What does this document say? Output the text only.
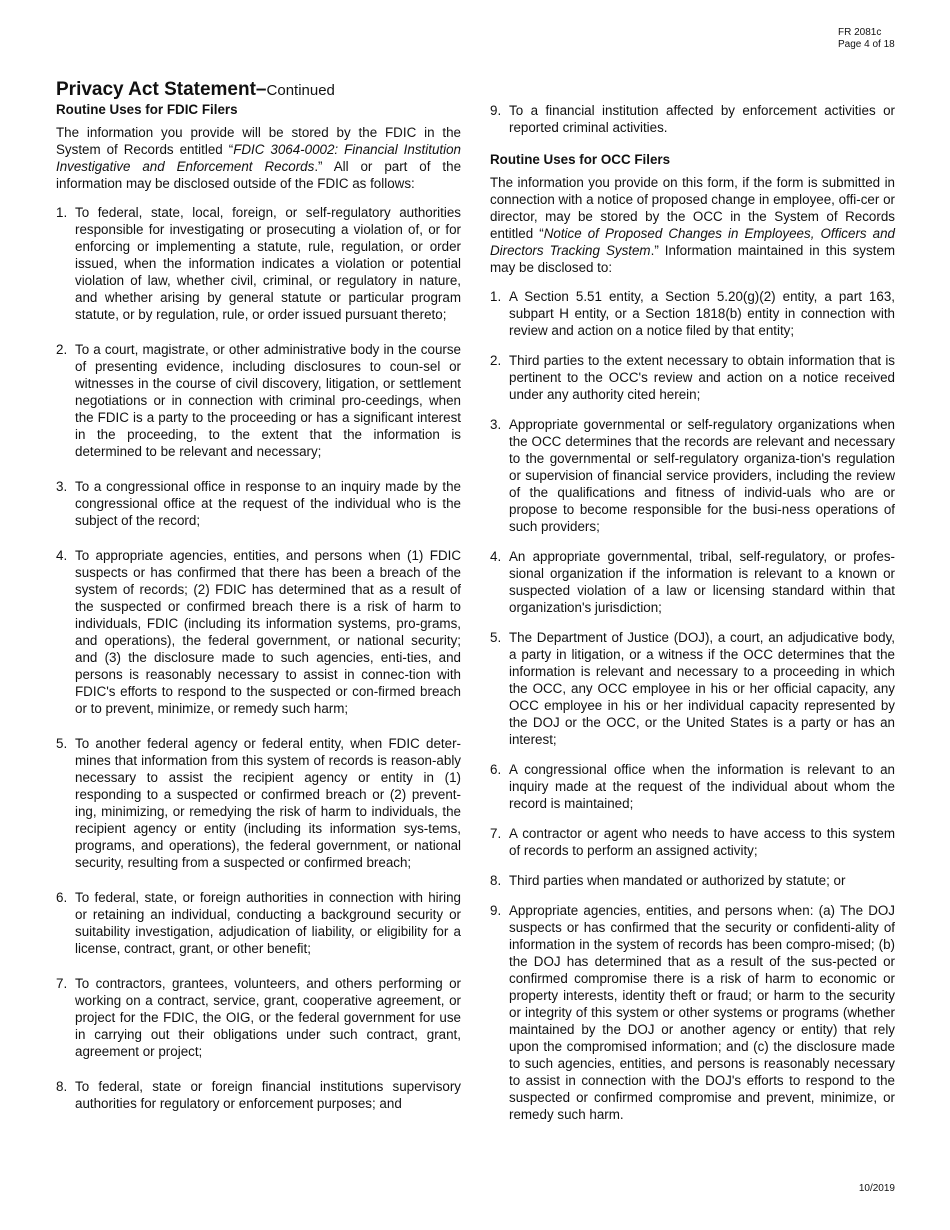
FR 2081c
Page 4 of 18
Privacy Act Statement–Continued
Routine Uses for FDIC Filers

The information you provide will be stored by the FDIC in the System of Records entitled “FDIC 3064-0002: Financial Institution Investigative and Enforcement Records.” All or part of the information may be disclosed outside of the FDIC as follows:

1. To federal, state, local, foreign, or self-regulatory authorities responsible for investigating or prosecuting a violation of, or for enforcing or implementing a statute, rule, regulation, or order issued, when the information indicates a violation or potential violation of law, whether civil, criminal, or regulatory in nature, and whether arising by general statute or particular program statute, or by regulation, rule, or order issued pursuant thereto;
2. To a court, magistrate, or other administrative body in the course of presenting evidence, including disclosures to coun-sel or witnesses in the course of civil discovery, litigation, or settlement negotiations or in connection with criminal pro-ceedings, when the FDIC is a party to the proceeding or has a significant interest in the proceeding, to the extent that the information is determined to be relevant and necessary;
3. To a congressional office in response to an inquiry made by the congressional office at the request of the individual who is the subject of the record;
4. To appropriate agencies, entities, and persons when (1) FDIC suspects or has confirmed that there has been a breach of the system of records; (2) FDIC has determined that as a result of the suspected or confirmed breach there is a risk of harm to individuals, FDIC (including its information systems, pro-grams, and operations), the federal government, or national security; and (3) the disclosure made to such agencies, enti-ties, and persons is reasonably necessary to assist in connec-tion with FDIC's efforts to respond to the suspected or con-firmed breach or to prevent, minimize, or remedy such harm;
5. To another federal agency or federal entity, when FDIC deter-mines that information from this system of records is reason-ably necessary to assist the recipient agency or entity in (1) responding to a suspected or confirmed breach or (2) prevent-ing, minimizing, or remedying the risk of harm to individuals, the recipient agency or entity (including its information sys-tems, programs, and operations), the federal government, or national security, resulting from a suspected or confirmed breach;
6. To federal, state, or foreign authorities in connection with hiring or retaining an individual, conducting a background security or suitability investigation, adjudication of liability, or eligibility for a license, contract, grant, or other benefit;
7. To contractors, grantees, volunteers, and others performing or working on a contract, service, grant, cooperative agreement, or project for the FDIC, the OIG, or the federal government for use in carrying out their obligations under such contract, grant, agreement or project;
8. To federal, state or foreign financial institutions supervisory authorities for regulatory or enforcement purposes; and
9. To a financial institution affected by enforcement activities or reported criminal activities.
Routine Uses for OCC Filers

The information you provide on this form, if the form is submitted in connection with a notice of proposed change in employee, offi-cer or director, may be stored by the OCC in the System of Records entitled “Notice of Proposed Changes in Employees, Officers and Directors Tracking System.” Information maintained in this system may be disclosed to:

1. A Section 5.51 entity, a Section 5.20(g)(2) entity, a part 163, subpart H entity, or a Section 1818(b) entity in connection with review and action on a notice filed by that entity;
2. Third parties to the extent necessary to obtain information that is pertinent to the OCC's review and action on a notice received under any authority cited herein;
3. Appropriate governmental or self-regulatory organizations when the OCC determines that the records are relevant and necessary to the governmental or self-regulatory organiza-tion's regulation or supervision of financial service providers, including the review of the qualifications and fitness of individ-uals who are or propose to become responsible for the busi-ness operations of such providers;
4. An appropriate governmental, tribal, self-regulatory, or profes-sional organization if the information is relevant to a known or suspected violation of a law or licensing standard within that organization's jurisdiction;
5. The Department of Justice (DOJ), a court, an adjudicative body, a party in litigation, or a witness if the OCC determines that the information is relevant and necessary to a proceeding in which the OCC, any OCC employee in his or her official capacity, any OCC employee in his or her individual capacity represented by the DOJ or the OCC, or the United States is a party or has an interest;
6. A congressional office when the information is relevant to an inquiry made at the request of the individual about whom the record is maintained;
7. A contractor or agent who needs to have access to this system of records to perform an assigned activity;
8. Third parties when mandated or authorized by statute; or
9. Appropriate agencies, entities, and persons when: (a) The DOJ suspects or has confirmed that the security or confidenti-ality of information in the system of records has been compro-mised; (b) the DOJ has determined that as a result of the sus-pected or confirmed compromise there is a risk of harm to economic or property interests, identity theft or fraud; or harm to the security or integrity of this system or other systems or programs (whether maintained by the DOJ or another agency or entity) that rely upon the compromised information; and (c) the disclosure made to such agencies, entities, and persons is reasonably necessary to assist in connection with the DOJ's efforts to respond to the suspected or confirmed compromise and prevent, minimize, or remedy such harm.
10/2019
